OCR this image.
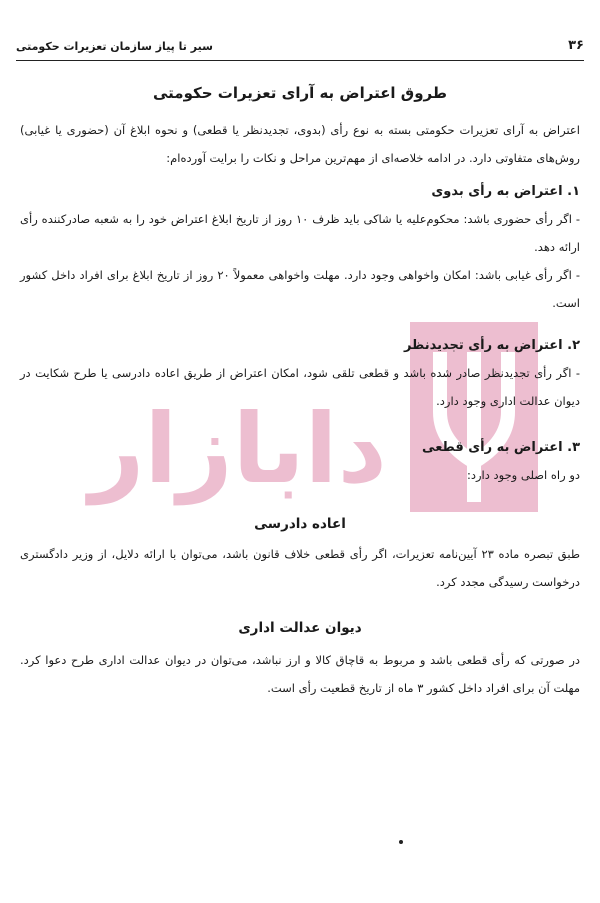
۳۶
سیر تا پیاز سازمان تعزیرات حکومتی
دابازار
طروق اعتراض به آرای تعزیرات حکومتی

اعتراض به آرای تعزیرات حکومتی بسته به نوع رأی (بدوی، تجدیدنظر یا قطعی) و نحوه ابلاغ آن (حضوری یا غیابی) روش‌های متفاوتی دارد. در ادامه خلاصه‌ای از مهم‌ترین مراحل و نکات را برایت آورده‌ام:

۱. اعتراض به رأی بدوی

- اگر رأی حضوری باشد: محکوم‌علیه یا شاکی باید ظرف ۱۰ روز از تاریخ ابلاغ اعتراض خود را به شعبه صادرکننده رأی ارائه دهد.

- اگر رأی غیابی باشد: امکان واخواهی وجود دارد. مهلت واخواهی معمولاً ۲۰ روز از تاریخ ابلاغ برای افراد داخل کشور است.

۲. اعتراض به رأی تجدیدنظر

- اگر رأی تجدیدنظر صادر شده باشد و قطعی تلقی شود، امکان اعتراض از طریق اعاده دادرسی یا طرح شکایت در دیوان عدالت اداری وجود دارد.

۳. اعتراض به رأی قطعی

دو راه اصلی وجود دارد:

اعاده دادرسی

طبق تبصره ماده ۲۳ آیین‌نامه تعزیرات، اگر رأی قطعی خلاف قانون باشد، می‌توان با ارائه دلایل، از وزیر دادگستری درخواست رسیدگی مجدد کرد.

دیوان عدالت اداری

در صورتی که رأی قطعی باشد و مربوط به قاچاق کالا و ارز نباشد، می‌توان در دیوان عدالت اداری طرح دعوا کرد. مهلت آن برای افراد داخل کشور ۳ ماه از تاریخ قطعیت رأی است.
